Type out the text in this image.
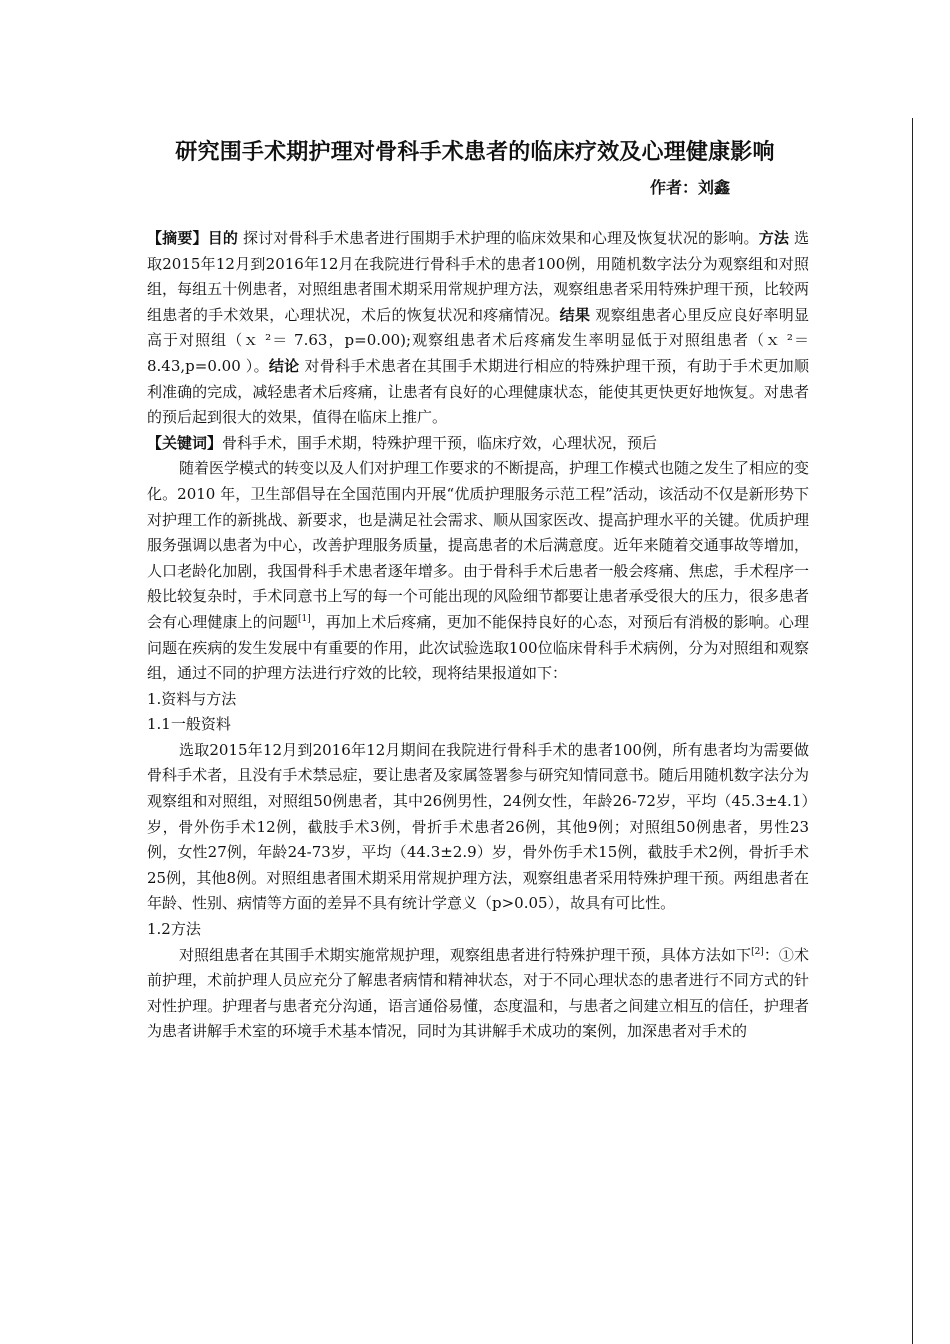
研究围手术期护理对骨科手术患者的临床疗效及心理健康影响

作者：刘鑫

【摘要】目的 探讨对骨科手术患者进行围期手术护理的临床效果和心理及恢复状况的影响。方法 选取2015年12月到2016年12月在我院进行骨科手术的患者100例，用随机数字法分为观察组和对照组，每组五十例患者，对照组患者围术期采用常规护理方法，观察组患者采用特殊护理干预，比较两组患者的手术效果，心理状况，术后的恢复状况和疼痛情况。结果 观察组患者心里反应良好率明显高于对照组（ｘ ²＝ 7.63，p=0.00);观察组患者术后疼痛发生率明显低于对照组患者（ｘ ²＝ 8.43,p=0.00 ）。结论 对骨科手术患者在其围手术期进行相应的特殊护理干预，有助于手术更加顺利准确的完成，减轻患者术后疼痛，让患者有良好的心理健康状态，能使其更快更好地恢复。对患者的预后起到很大的效果，值得在临床上推广。

【关键词】骨科手术，围手术期，特殊护理干预，临床疗效，心理状况，预后

随着医学模式的转变以及人们对护理工作要求的不断提高，护理工作模式也随之发生了相应的变化。2010 年，卫生部倡导在全国范围内开展“优质护理服务示范工程”活动，该活动不仅是新形势下对护理工作的新挑战、新要求，也是满足社会需求、顺从国家医改、提高护理水平的关键。优质护理服务强调以患者为中心，改善护理服务质量，提高患者的术后满意度。近年来随着交通事故等增加，人口老龄化加剧，我国骨科手术患者逐年增多。由于骨科手术后患者一般会疼痛、焦虑，手术程序一般比较复杂时，手术同意书上写的每一个可能出现的风险细节都要让患者承受很大的压力，很多患者会有心理健康上的问题[1]，再加上术后疼痛，更加不能保持良好的心态，对预后有消极的影响。心理问题在疾病的发生发展中有重要的作用，此次试验选取100位临床骨科手术病例，分为对照组和观察组，通过不同的护理方法进行疗效的比较，现将结果报道如下：

1.资料与方法

1.1一般资料

选取2015年12月到2016年12月期间在我院进行骨科手术的患者100例，所有患者均为需要做骨科手术者，且没有手术禁忌症，要让患者及家属签署参与研究知情同意书。随后用随机数字法分为观察组和对照组，对照组50例患者，其中26例男性，24例女性，年龄26-72岁，平均（45.3±4.1）岁，骨外伤手术12例，截肢手术3例，骨折手术患者26例，其他9例；对照组50例患者，男性23例，女性27例，年龄24-73岁，平均（44.3±2.9）岁，骨外伤手术15例，截肢手术2例，骨折手术25例，其他8例。对照组患者围术期采用常规护理方法，观察组患者采用特殊护理干预。两组患者在年龄、性别、病情等方面的差异不具有统计学意义（p>0.05），故具有可比性。

1.2方法

对照组患者在其围手术期实施常规护理，观察组患者进行特殊护理干预，具体方法如下[2]：①术前护理，术前护理人员应充分了解患者病情和精神状态，对于不同心理状态的患者进行不同方式的针对性护理。护理者与患者充分沟通，语言通俗易懂，态度温和，与患者之间建立相互的信任，护理者为患者讲解手术室的环境手术基本情况，同时为其讲解手术成功的案例，加深患者对手术的
